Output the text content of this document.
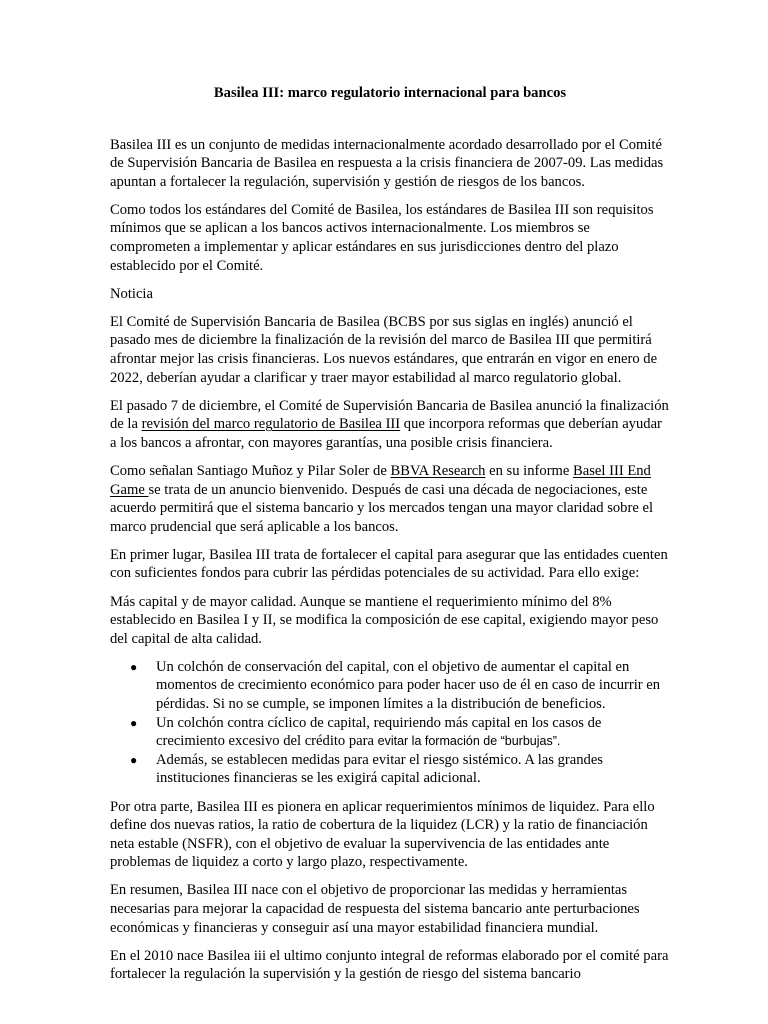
Basilea III: marco regulatorio internacional para bancos

Basilea III es un conjunto de medidas internacionalmente acordado desarrollado por el Comité de Supervisión Bancaria de Basilea en respuesta a la crisis financiera de 2007-09. Las medidas apuntan a fortalecer la regulación, supervisión y gestión de riesgos de los bancos.

Como todos los estándares del Comité de Basilea, los estándares de Basilea III son requisitos mínimos que se aplican a los bancos activos internacionalmente. Los miembros se comprometen a implementar y aplicar estándares en sus jurisdicciones dentro del plazo establecido por el Comité.

Noticia

El Comité de Supervisión Bancaria de Basilea (BCBS por sus siglas en inglés) anunció el pasado mes de diciembre la finalización de la revisión del marco de Basilea III que permitirá afrontar mejor las crisis financieras. Los nuevos estándares, que entrarán en vigor en enero de 2022, deberían ayudar a clarificar y traer mayor estabilidad al marco regulatorio global.

El pasado 7 de diciembre, el Comité de Supervisión Bancaria de Basilea anunció la finalización de la revisión del marco regulatorio de Basilea III que incorpora reformas que deberían ayudar a los bancos a afrontar, con mayores garantías, una posible crisis financiera.

Como señalan Santiago Muñoz y Pilar Soler de BBVA Research en su informe Basel III End Game se trata de un anuncio bienvenido. Después de casi una década de negociaciones, este acuerdo permitirá que el sistema bancario y los mercados tengan una mayor claridad sobre el marco prudencial que será aplicable a los bancos.

En primer lugar, Basilea III trata de fortalecer el capital para asegurar que las entidades cuenten con suficientes fondos para cubrir las pérdidas potenciales de su actividad. Para ello exige:

Más capital y de mayor calidad. Aunque se mantiene el requerimiento mínimo del 8% establecido en Basilea I y II, se modifica la composición de ese capital, exigiendo mayor peso del capital de alta calidad.

● Un colchón de conservación del capital, con el objetivo de aumentar el capital en momentos de crecimiento económico para poder hacer uso de él en caso de incurrir en pérdidas. Si no se cumple, se imponen límites a la distribución de beneficios.
● Un colchón contra cíclico de capital, requiriendo más capital en los casos de crecimiento excesivo del crédito para evitar la formación de “burbujas”.
● Además, se establecen medidas para evitar el riesgo sistémico. A las grandes instituciones financieras se les exigirá capital adicional.

Por otra parte, Basilea III es pionera en aplicar requerimientos mínimos de liquidez. Para ello define dos nuevas ratios, la ratio de cobertura de la liquidez (LCR) y la ratio de financiación neta estable (NSFR), con el objetivo de evaluar la supervivencia de las entidades ante problemas de liquidez a corto y largo plazo, respectivamente.

En resumen, Basilea III nace con el objetivo de proporcionar las medidas y herramientas necesarias para mejorar la capacidad de respuesta del sistema bancario ante perturbaciones económicas y financieras y conseguir así una mayor estabilidad financiera mundial.

En el 2010 nace Basilea iii el ultimo conjunto integral de reformas elaborado por el comité para fortalecer la regulación la supervisión y la gestión de riesgo del sistema bancario
